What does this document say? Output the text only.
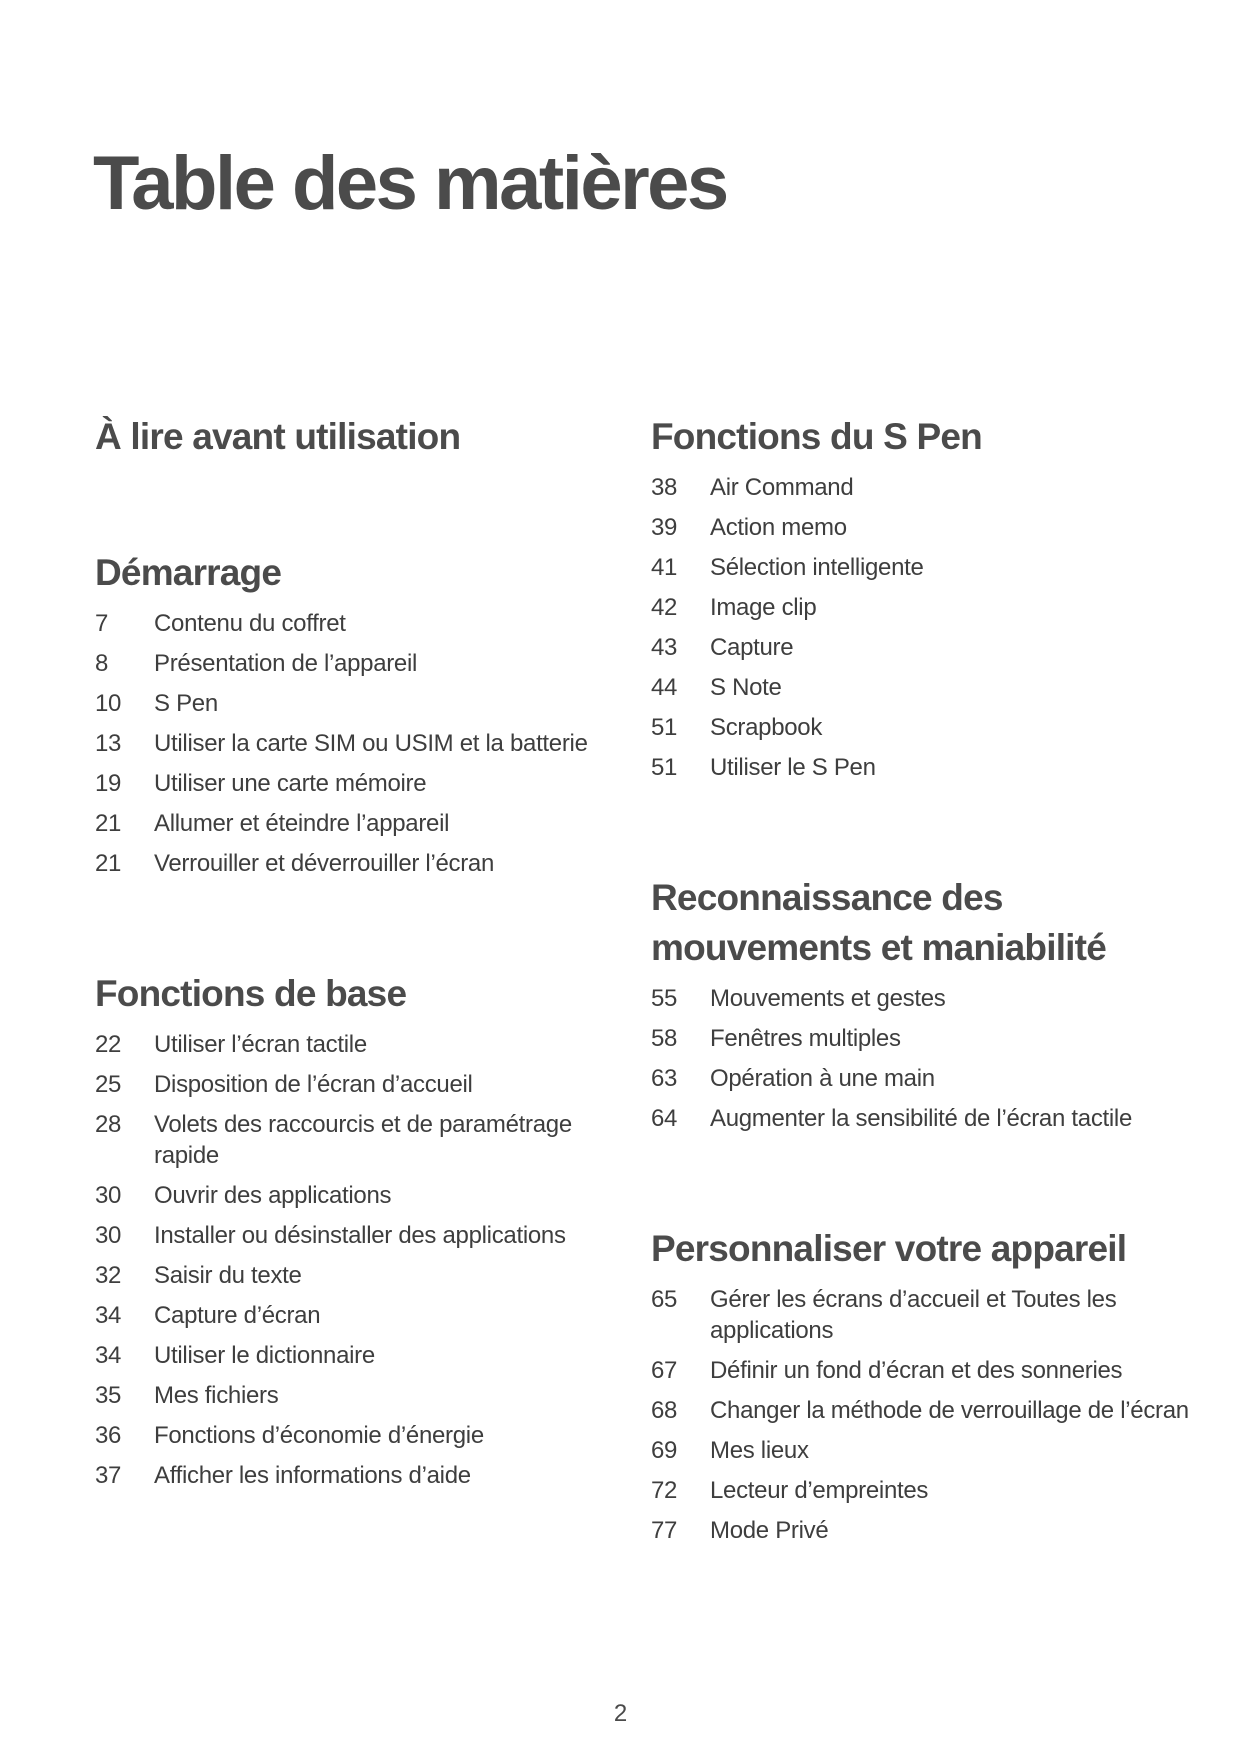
Table des matières
À lire avant utilisation
Démarrage
7	Contenu du coffret
8	Présentation de l’appareil
10	S Pen
13	Utiliser la carte SIM ou USIM et la batterie
19	Utiliser une carte mémoire
21	Allumer et éteindre l’appareil
21	Verrouiller et déverrouiller l’écran
Fonctions de base
22	Utiliser l’écran tactile
25	Disposition de l’écran d’accueil
28	Volets des raccourcis et de paramétrage rapide
30	Ouvrir des applications
30	Installer ou désinstaller des applications
32	Saisir du texte
34	Capture d’écran
34	Utiliser le dictionnaire
35	Mes fichiers
36	Fonctions d’économie d’énergie
37	Afficher les informations d’aide
Fonctions du S Pen
38	Air Command
39	Action memo
41	Sélection intelligente
42	Image clip
43	Capture
44	S Note
51	Scrapbook
51	Utiliser le S Pen
Reconnaissance des mouvements et maniabilité
55	Mouvements et gestes
58	Fenêtres multiples
63	Opération à une main
64	Augmenter la sensibilité de l’écran tactile
Personnaliser votre appareil
65	Gérer les écrans d’accueil et Toutes les applications
67	Définir un fond d’écran et des sonneries
68	Changer la méthode de verrouillage de l’écran
69	Mes lieux
72	Lecteur d’empreintes
77	Mode Privé
2
